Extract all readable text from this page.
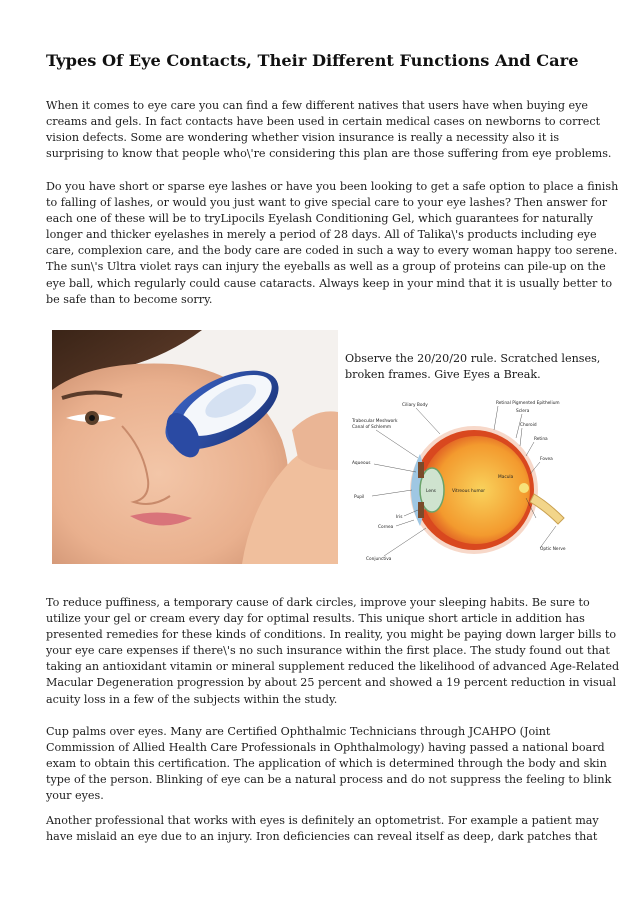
Types Of Eye Contacts, Their Different Functions And Care

When it comes to eye care you can find a few different natives that users have when buying eye
creams and gels. In fact contacts have been used in certain medical cases on newborns to correct
vision defects. Some are wondering whether vision insurance is really a necessity also it is
surprising to know that people who\'re considering this plan are those suffering from eye problems.

Do you have short or sparse eye lashes or have you been looking to get a safe option to place a finish
to falling of lashes, or would you just want to give special care to your eye lashes? Then answer for
each one of these will be to tryLipocils Eyelash Conditioning Gel, which guarantees for naturally
longer and thicker eyelashes in merely a period of 28 days. All of Talika\'s products including eye
care, complexion care, and the body care are coded in such a way to every woman happy too serene.
The sun\'s Ultra violet rays can injury the eyeballs as well as a group of proteins can pile-up on the
eye ball, which regularly could cause cataracts. Always keep in your mind that it is usually better to
be safe than to become sorry.

Observe the 20/20/20 rule. Scratched lenses,
broken frames. Give Eyes a Break.
Ciliary Body	Retinal Pigmented Epithelium
Trabecular Meshwork
Canal of Schlemm
Sclera
Choroid
Retina
Aqueous
Fovea
Pupil
Lens	Vitreous humor
Macula
Iris
Cornea
Optic Nerve
Conjunctiva

To reduce puffiness, a temporary cause of dark circles, improve your sleeping habits. Be sure to
utilize your gel or cream every day for optimal results. This unique short article in addition has
presented remedies for these kinds of conditions. In reality, you might be paying down larger bills to
your eye care expenses if there\'s no such insurance within the first place. The study found out that
taking an antioxidant vitamin or mineral supplement reduced the likelihood of advanced Age-Related
Macular Degeneration progression by about 25 percent and showed a 19 percent reduction in visual
acuity loss in a few of the subjects within the study.

Cup palms over eyes. Many are Certified Ophthalmic Technicians through JCAHPO (Joint
Commission of Allied Health Care Professionals in Ophthalmology) having passed a national board
exam to obtain this certification. The application of which is determined through the body and skin
type of the person. Blinking of eye can be a natural process and do not suppress the feeling to blink
your eyes.

Another professional that works with eyes is definitely an optometrist. For example a patient may
have mislaid an eye due to an injury. Iron deficiencies can reveal itself as deep, dark patches that
